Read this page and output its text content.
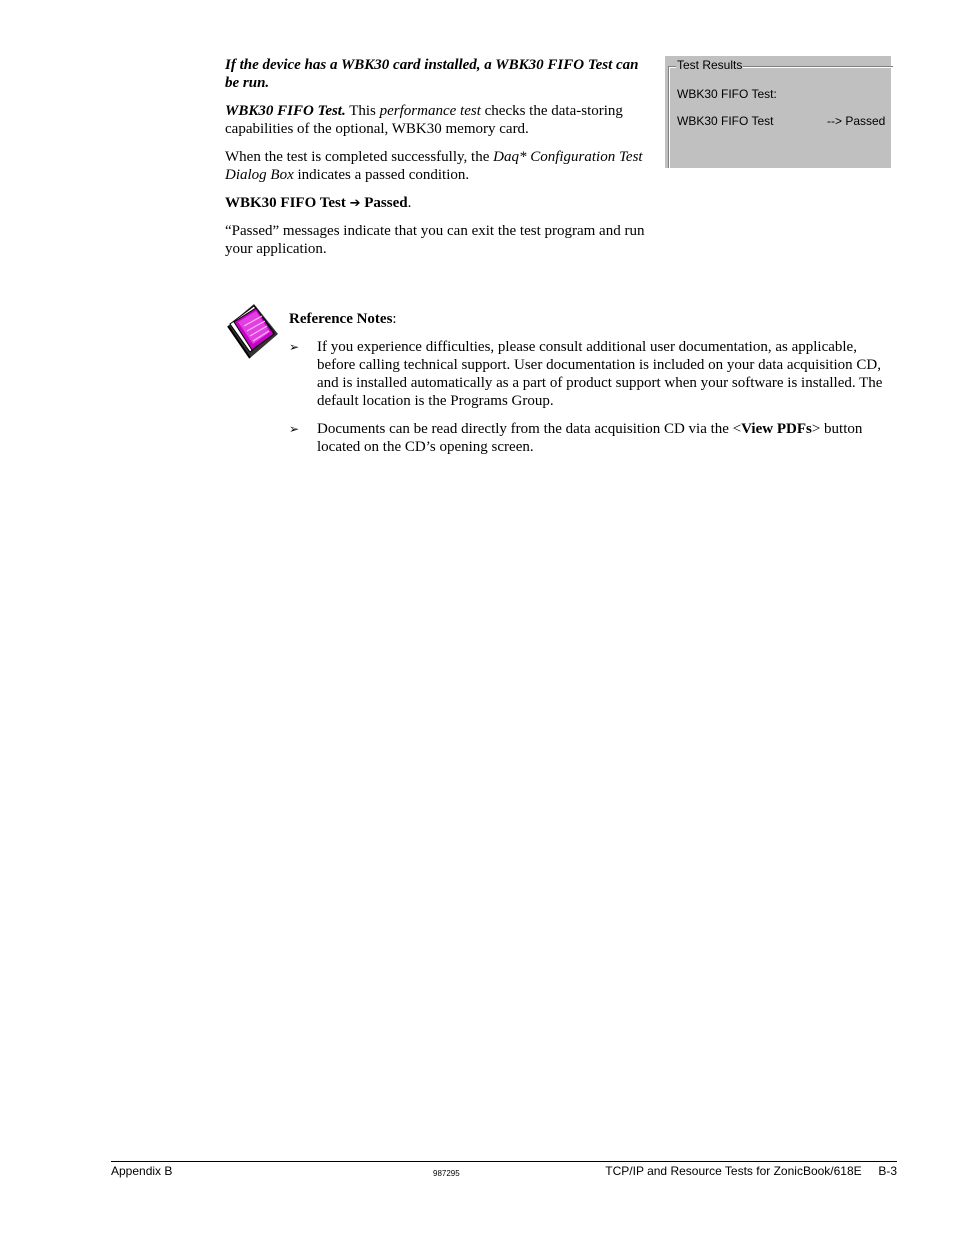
If the device has a WBK30 card installed, a WBK30 FIFO Test can be run.

WBK30 FIFO Test. This performance test checks the data-storing capabilities of the optional, WBK30 memory card.

When the test is completed successfully, the Daq* Configuration Test Dialog Box indicates a passed condition.

WBK30 FIFO Test ➔ Passed.

“Passed” messages indicate that you can exit the test program and run your application.

Test Results
WBK30 FIFO Test:
WBK30 FIFO Test	--> Passed

Reference Notes:

➢ If you experience difficulties, please consult additional user documentation, as applicable, before calling technical support. User documentation is included on your data acquisition CD, and is installed automatically as a part of product support when your software is installed. The default location is the Programs Group.

➢ Documents can be read directly from the data acquisition CD via the <View PDFs> button located on the CD’s opening screen.

Appendix B	987295	TCP/IP and Resource Tests for ZonicBook/618E     B-3
